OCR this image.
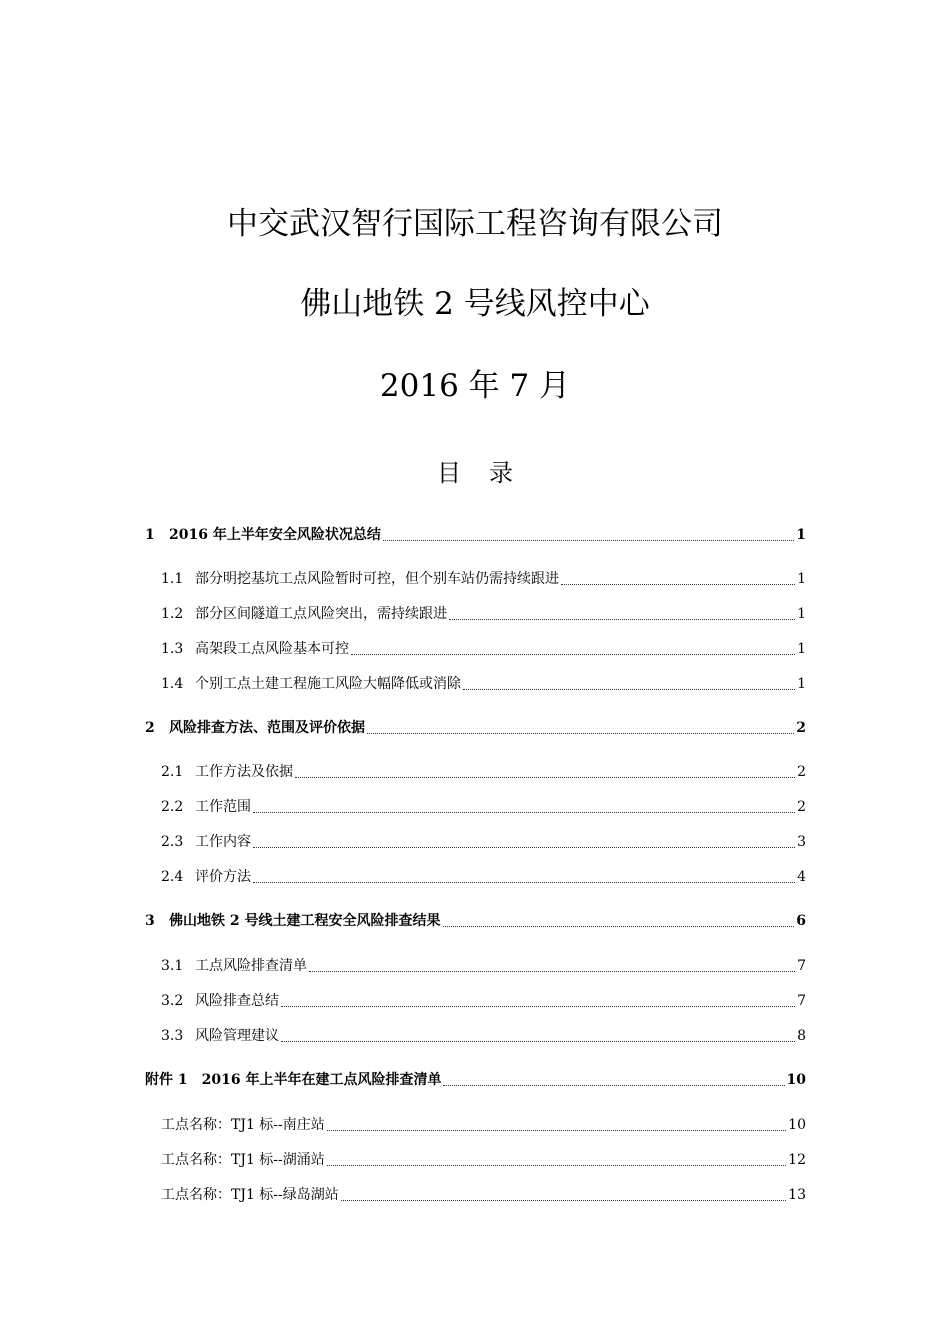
中交武汉智行国际工程咨询有限公司
佛山地铁 2 号线风控中心
2016 年 7 月
目录
1	2016 年上半年安全风险状况总结	1
1.1 部分明挖基坑工点风险暂时可控，但个别车站仍需持续跟进	1
1.2 部分区间隧道工点风险突出，需持续跟进	1
1.3 高架段工点风险基本可控	1
1.4 个别工点土建工程施工风险大幅降低或消除	1
2	风险排查方法、范围及评价依据	2
2.1 工作方法及依据	2
2.2 工作范围	2
2.3 工作内容	3
2.4 评价方法	4
3	佛山地铁 2 号线土建工程安全风险排查结果	6
3.1 工点风险排查清单	7
3.2 风险排查总结	7
3.3 风险管理建议	8
附件 1	2016 年上半年在建工点风险排查清单	10
工点名称：TJ1 标--南庄站	10
工点名称：TJ1 标--湖涌站	12
工点名称：TJ1 标--绿岛湖站	13
